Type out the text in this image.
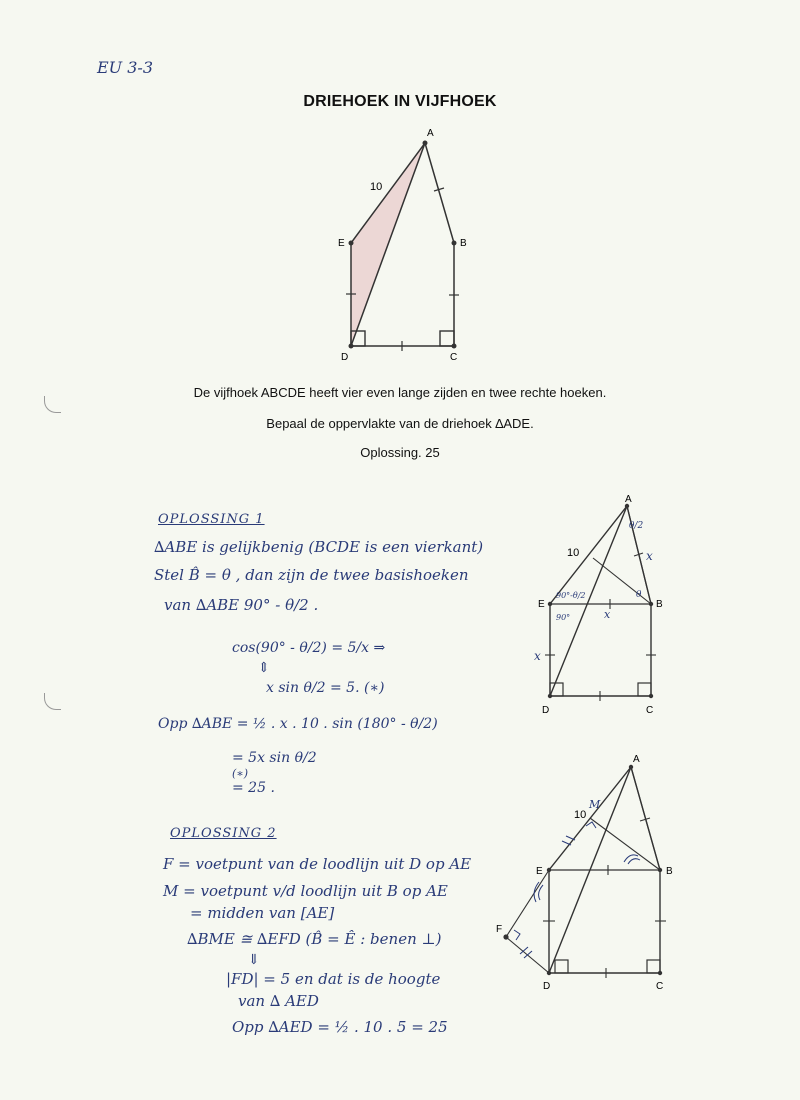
EU 3-3
DRIEHOEK IN VIJFHOEK
A
B
C
D
E
10
De vijfhoek ABCDE heeft vier even lange zijden en twee rechte hoeken.
Bepaal de oppervlakte van de driehoek ∆ADE.
Oplossing. 25
OPLOSSING 1
∆ABE is gelijkbenig (BCDE is een vierkant)
Stel B̂ = θ , dan zijn de twee basishoeken
van ∆ABE 90° - θ/2 .
cos(90° - θ/2) = 5/x ⇒
⇕
x sin θ/2 = 5. (∗)
Opp ∆ABE = ½ . x . 10 . sin (180° - θ/2)
= 5x sin θ/2
(∗)
= 25 .
A
B
C
D
E
10	x
x
x
θ/2
θ
90°-θ/2
90°
OPLOSSING 2
F = voetpunt van de loodlijn uit D op AE
M = voetpunt v/d loodlijn uit B op AE
= midden van [AE]
∆BME ≅ ∆EFD (B̂ = Ê : benen ⊥)
⇓
|FD| = 5 en dat is de hoogte
van ∆ AED
Opp ∆AED = ½ . 10 . 5 = 25
A
B
C
D
E
F
M
10
